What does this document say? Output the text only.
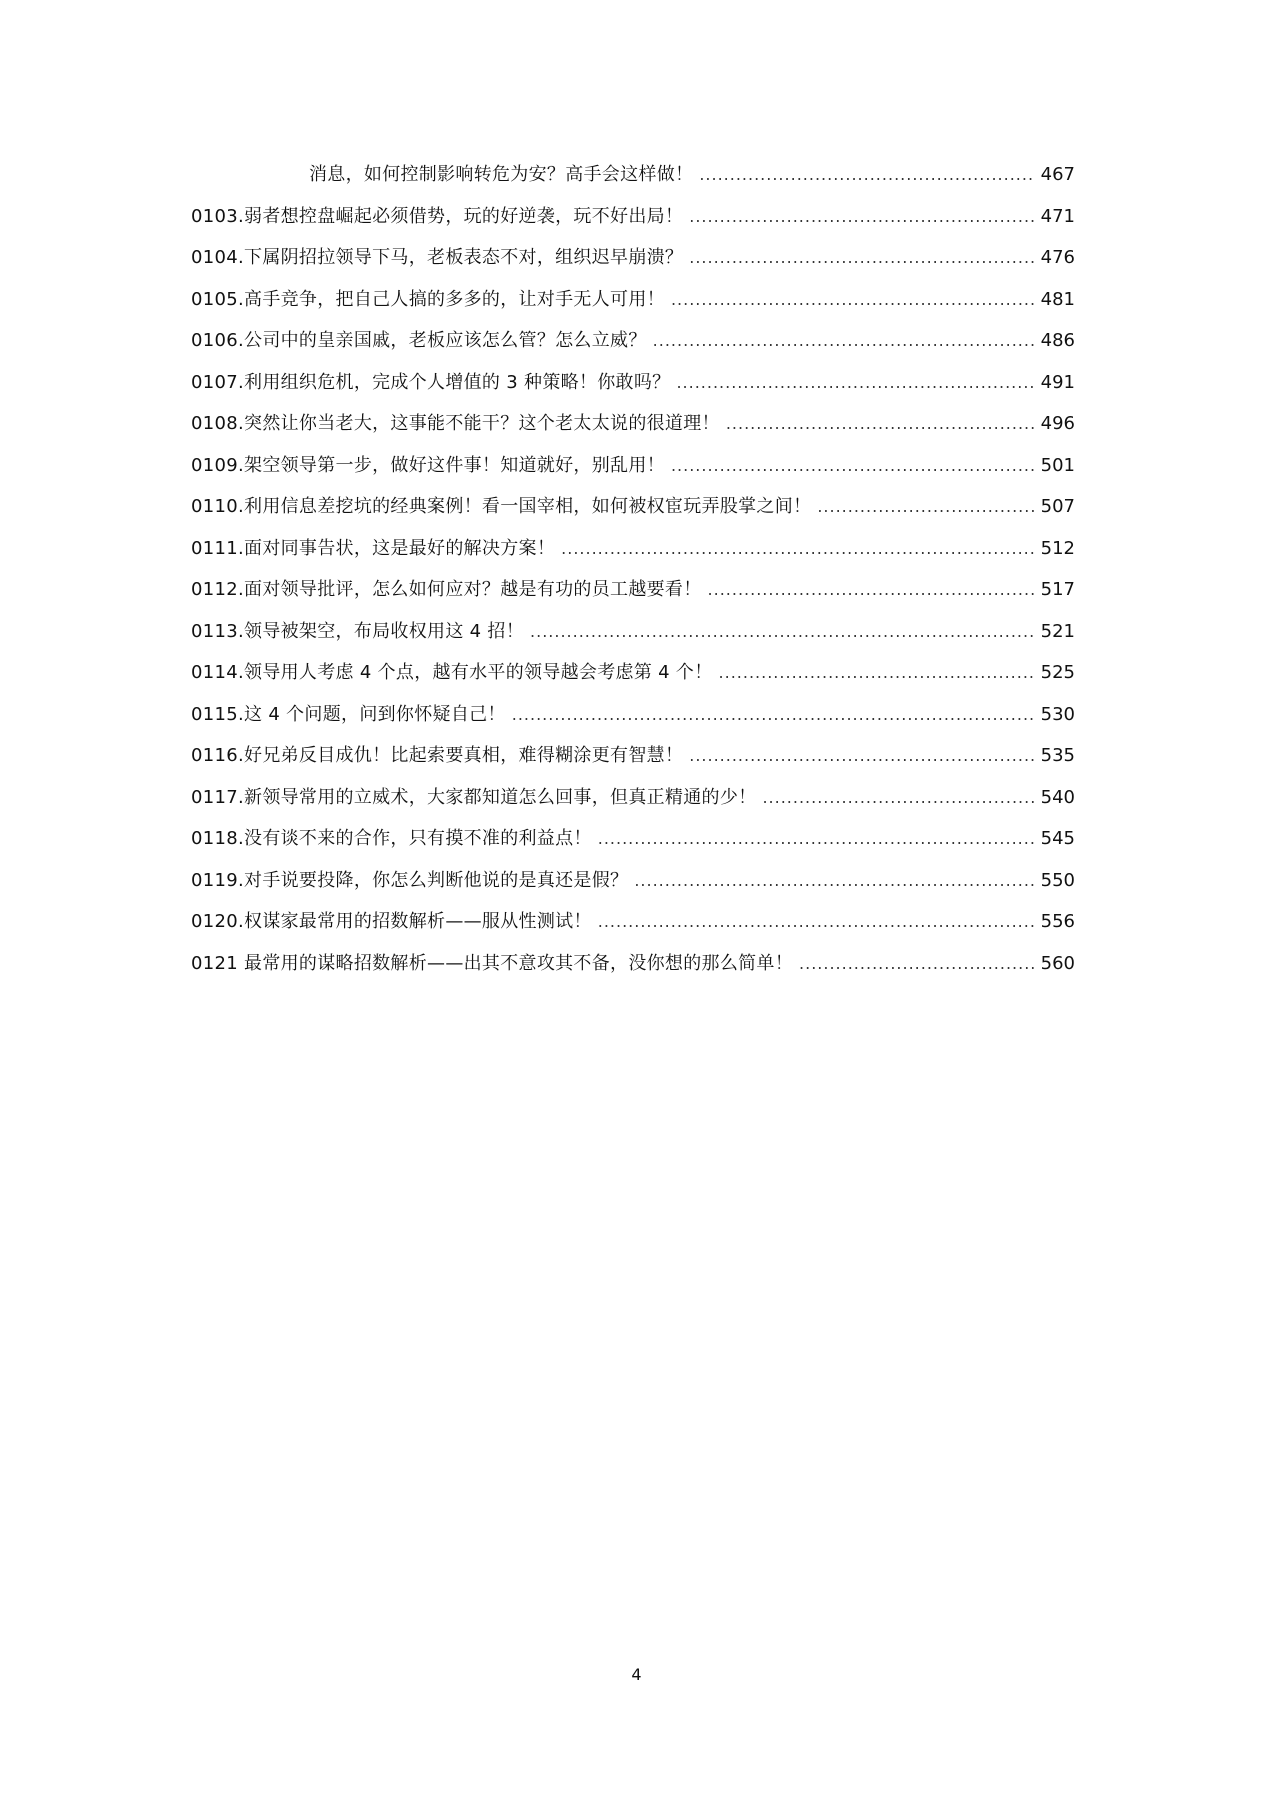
消息，如何控制影响转危为安？高手会这样做！ .....	467
0103.弱者想控盘崛起必须借势，玩的好逆袭，玩不好出局！ .....	471
0104.下属阴招拉领导下马，老板表态不对，组织迟早崩溃？ .....	476
0105.高手竞争，把自己人搞的多多的，让对手无人可用！ .....	481
0106.公司中的皇亲国戚，老板应该怎么管？怎么立威？ .....	486
0107.利用组织危机，完成个人增值的 3 种策略！你敢吗？ .....	491
0108.突然让你当老大，这事能不能干？这个老太太说的很道理！ .....	496
0109.架空领导第一步，做好这件事！知道就好，别乱用！ .....	501
0110.利用信息差挖坑的经典案例！看一国宰相，如何被权宦玩弄股掌之间！ .....	507
0111.面对同事告状，这是最好的解决方案！ .....	512
0112.面对领导批评，怎么如何应对？越是有功的员工越要看！ .....	517
0113.领导被架空，布局收权用这 4 招！ .....	521
0114.领导用人考虑 4 个点，越有水平的领导越会考虑第 4 个！ .....	525
0115.这 4 个问题，问到你怀疑自己！ .....	530
0116.好兄弟反目成仇！比起索要真相，难得糊涂更有智慧！ .....	535
0117.新领导常用的立威术，大家都知道怎么回事，但真正精通的少！ .....	540
0118.没有谈不来的合作，只有摸不准的利益点！ .....	545
0119.对手说要投降，你怎么判断他说的是真还是假？ .....	550
0120.权谋家最常用的招数解析——服从性测试！ .....	556
0121 最常用的谋略招数解析——出其不意攻其不备，没你想的那么简单！ .....	560
4
